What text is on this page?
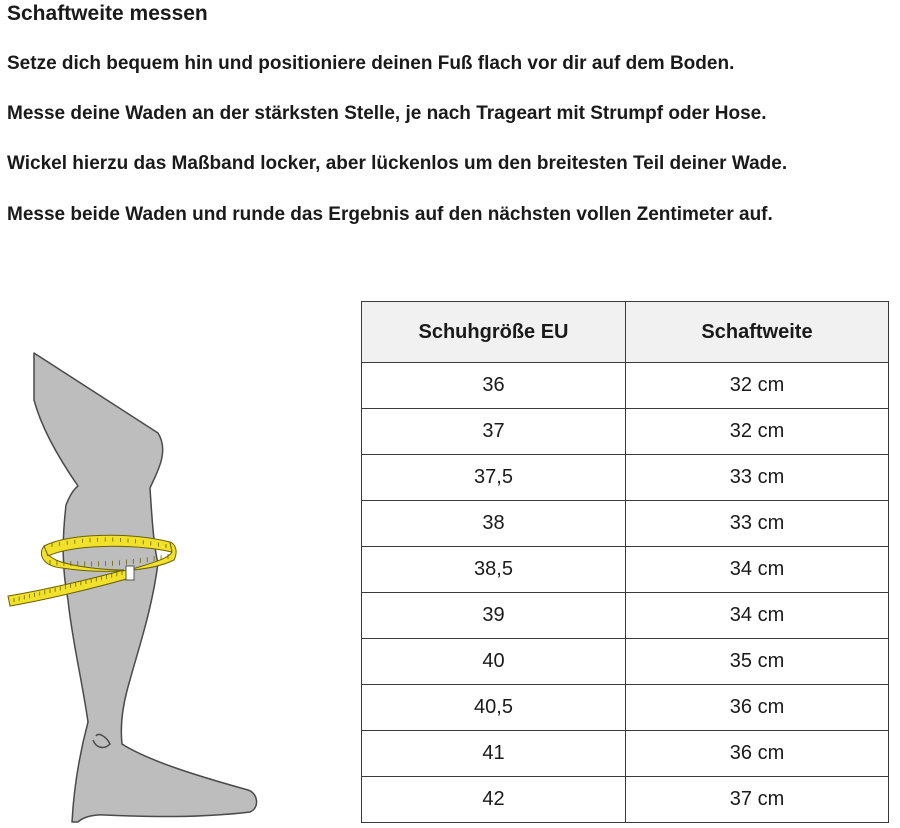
Schaftweite messen
Setze dich bequem hin und positioniere deinen Fuß flach vor dir auf dem Boden.
Messe deine Waden an der stärksten Stelle, je nach Trageart mit Strumpf oder Hose.
Wickel hierzu das Maßband locker, aber lückenlos um den breitesten Teil deiner Wade.
Messe beide Waden und runde das Ergebnis auf den nächsten vollen Zentimeter auf.
Schuhgröße EU	Schaftweite
36	32 cm
37	32 cm
37,5	33 cm
38	33 cm
38,5	34 cm
39	34 cm
40	35 cm
40,5	36 cm
41	36 cm
42	37 cm
